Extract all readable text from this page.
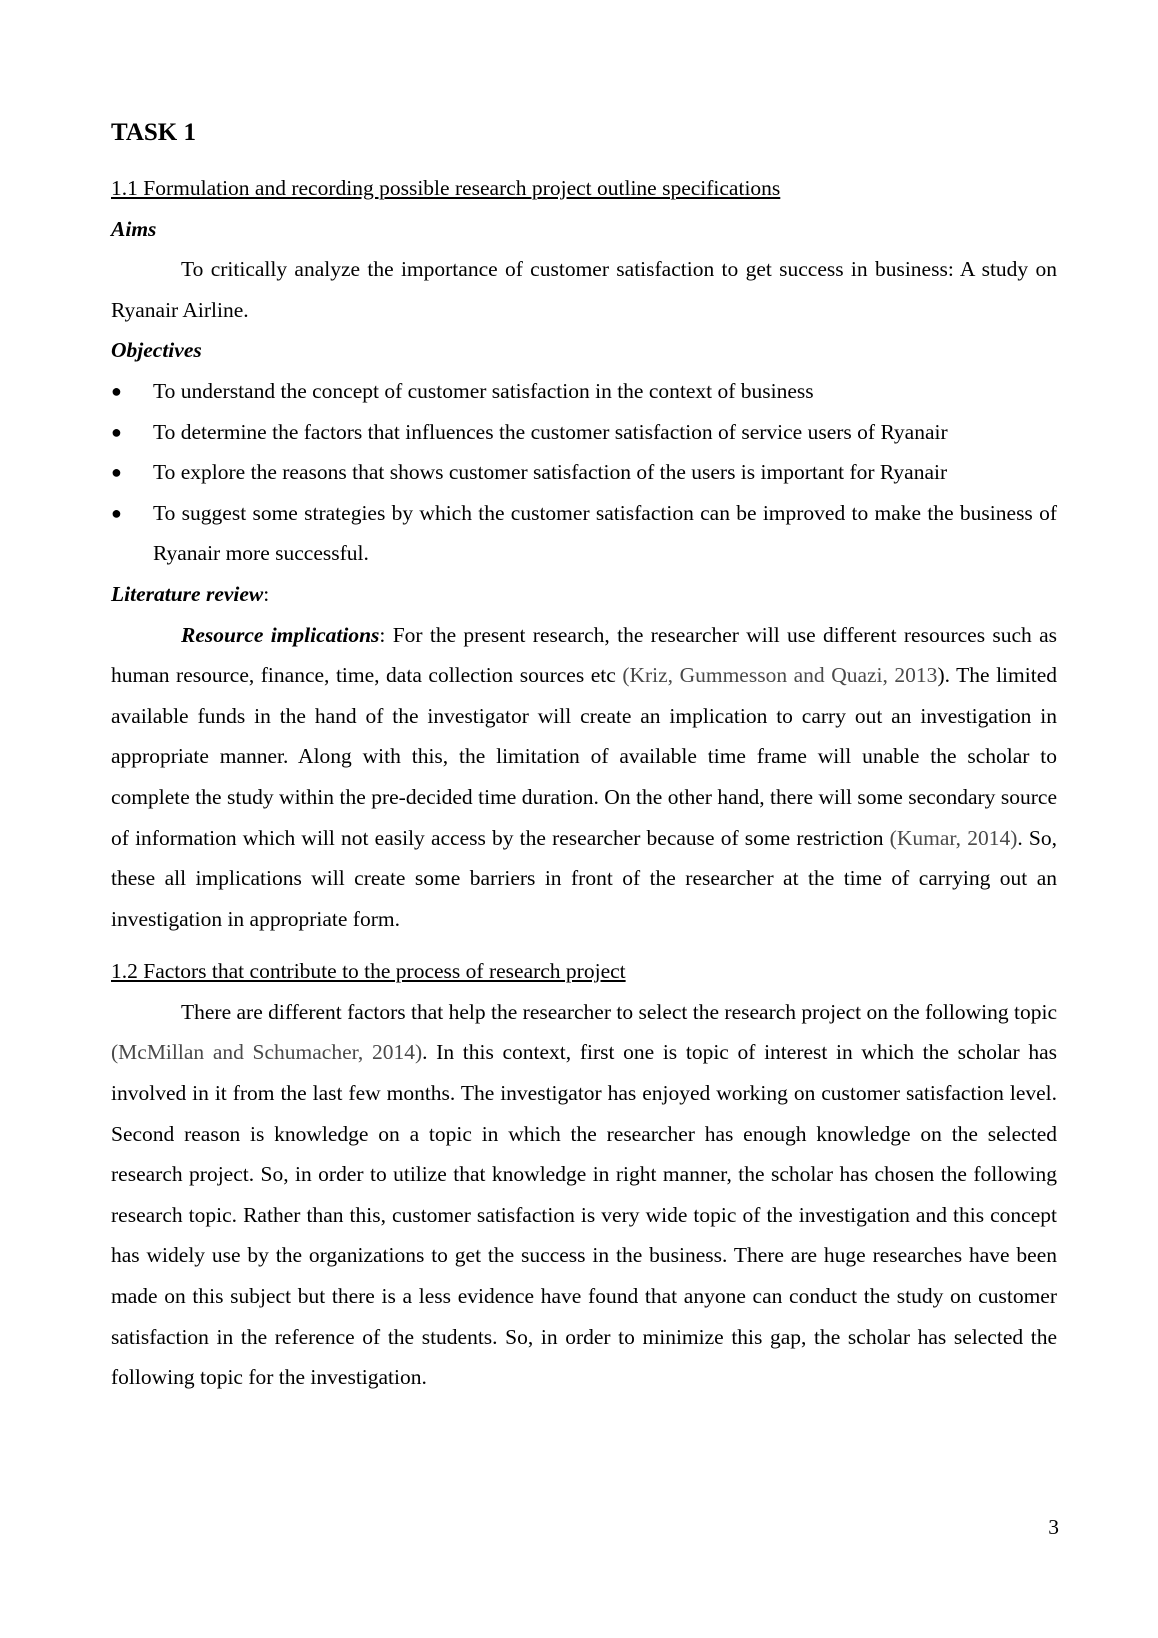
TASK 1

1.1 Formulation and recording possible research project outline specifications

Aims

To critically analyze the importance of customer satisfaction to get success in business: A study on Ryanair Airline.

Objectives
● To understand the concept of customer satisfaction in the context of business
● To determine the factors that influences the customer satisfaction of service users of Ryanair
● To explore the reasons that shows customer satisfaction of the users is important for Ryanair
● To suggest some strategies by which the customer satisfaction can be improved to make the business of Ryanair more successful.
Literature review:

Resource implications: For the present research, the researcher will use different resources such as human resource, finance, time, data collection sources etc (Kriz, Gummesson and Quazi, 2013). The limited available funds in the hand of the investigator will create an implication to carry out an investigation in appropriate manner. Along with this, the limitation of available time frame will unable the scholar to complete the study within the pre-decided time duration. On the other hand, there will some secondary source of information which will not easily access by the researcher because of some restriction (Kumar, 2014). So, these all implications will create some barriers in front of the researcher at the time of carrying out an investigation in appropriate form.

1.2 Factors that contribute to the process of research project

There are different factors that help the researcher to select the research project on the following topic (McMillan and Schumacher, 2014). In this context, first one is topic of interest in which the scholar has involved in it from the last few months. The investigator has enjoyed working on customer satisfaction level. Second reason is knowledge on a topic in which the researcher has enough knowledge on the selected research project. So, in order to utilize that knowledge in right manner, the scholar has chosen the following research topic. Rather than this, customer satisfaction is very wide topic of the investigation and this concept has widely use by the organizations to get the success in the business. There are huge researches have been made on this subject but there is a less evidence have found that anyone can conduct the study on customer satisfaction in the reference of the students. So, in order to minimize this gap, the scholar has selected the following topic for the investigation.

3
